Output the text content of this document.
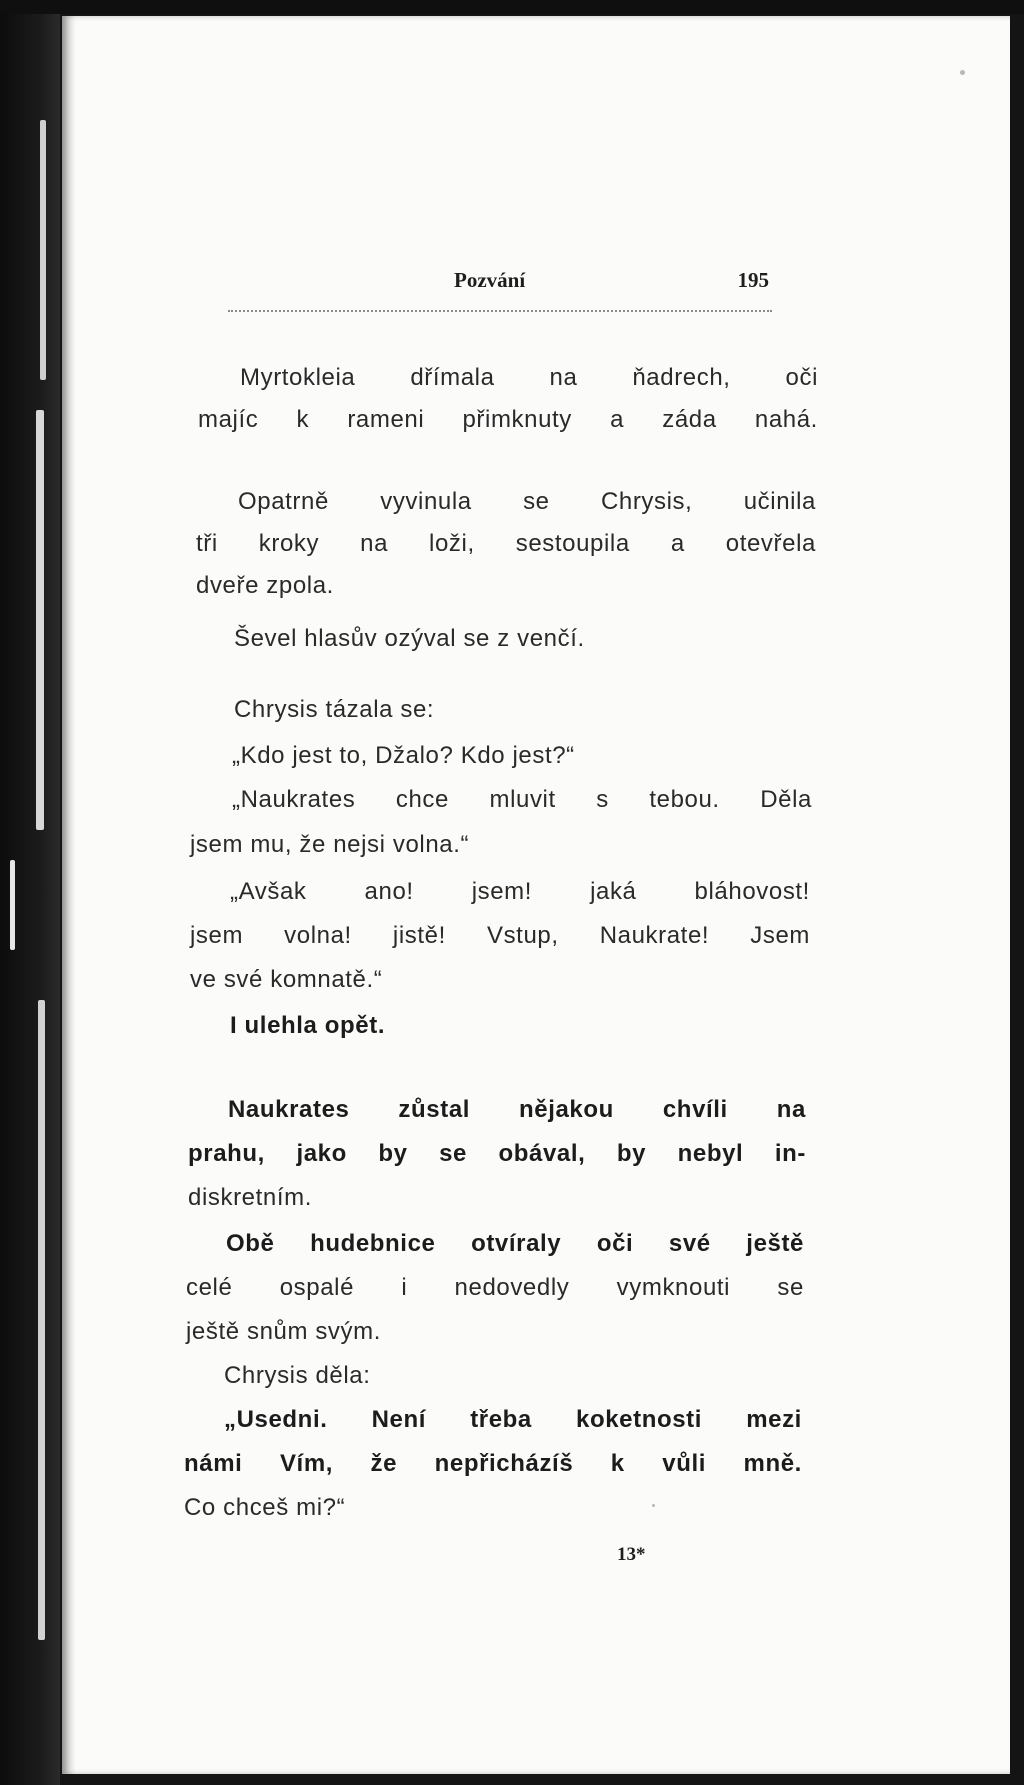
Pozvání	195
Myrtokleia dřímala na ňadrech, oči
majíc k rameni přimknuty a záda nahá.
Opatrně vyvinula se Chrysis, učinila
tři kroky na loži, sestoupila a otevřela
dveře zpola.
Ševel hlasův ozýval se z venčí.
Chrysis tázala se:
„Kdo jest to, Džalo? Kdo jest?“
„Naukrates chce mluvit s tebou. Děla
jsem mu, že nejsi volna.“
„Avšak ano! jsem! jaká bláhovost!
jsem volna! jistě! Vstup, Naukrate! Jsem
ve své komnatě.“
I ulehla opět.
Naukrates zůstal nějakou chvíli na
prahu, jako by se obával, by nebyl in-
diskretním.
Obě hudebnice otvíraly oči své ještě
celé ospalé i nedovedly vymknouti se
ještě snům svým.
Chrysis děla:
„Usedni. Není třeba koketnosti mezi
námi Vím, že nepřicházíš k vůli mně.
Co chceš mi?“
13*
